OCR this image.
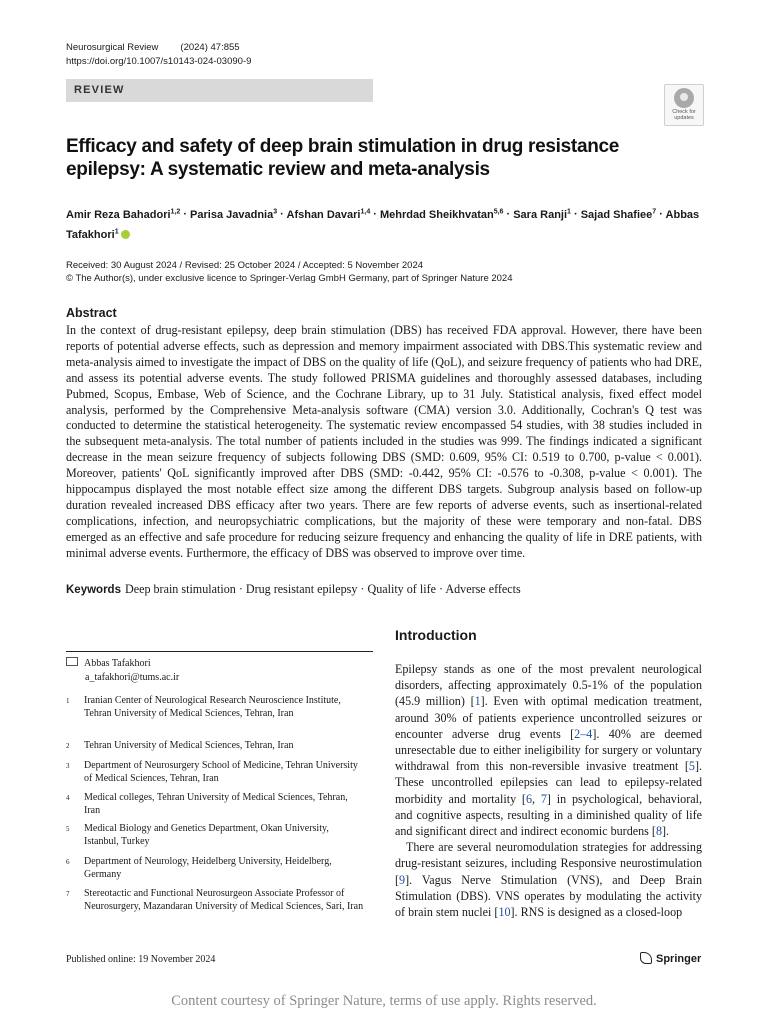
Neurosurgical Review (2024) 47:855
https://doi.org/10.1007/s10143-024-03090-9
REVIEW
Check for updates
Efficacy and safety of deep brain stimulation in drug resistance epilepsy: A systematic review and meta-analysis
Amir Reza Bahadori$^{1,2}$ · Parisa Javadnia$^3$ · Afshan Davari$^{1,4}$ · Mehrdad Sheikhvatan$^{5,6}$ · Sara Ranji$^1$ · Sajad Shafiee$^7$ · Abbas Tafakhori$^1$
Received: 30 August 2024 / Revised: 25 October 2024 / Accepted: 5 November 2024
© The Author(s), under exclusive licence to Springer-Verlag GmbH Germany, part of Springer Nature 2024
Abstract
In the context of drug-resistant epilepsy, deep brain stimulation (DBS) has received FDA approval. However, there have been reports of potential adverse effects, such as depression and memory impairment associated with DBS.This systematic review and meta-analysis aimed to investigate the impact of DBS on the quality of life (QoL), and seizure frequency of patients who had DRE, and assess its potential adverse events. The study followed PRISMA guidelines and thoroughly assessed databases, including Pubmed, Scopus, Embase, Web of Science, and the Cochrane Library, up to 31 July. Statistical analysis, fixed effect model analysis, performed by the Comprehensive Meta-analysis software (CMA) version 3.0. Additionally, Cochran's Q test was conducted to determine the statistical heterogeneity. The systematic review encompassed 54 studies, with 38 studies included in the subsequent meta-analysis. The total number of patients included in the studies was 999. The findings indicated a significant decrease in the mean seizure frequency of subjects following DBS (SMD: 0.609, 95% CI: 0.519 to 0.700, p-value < 0.001). Moreover, patients' QoL significantly improved after DBS (SMD: -0.442, 95% CI: -0.576 to -0.308, p-value < 0.001). The hippocampus displayed the most notable effect size among the different DBS targets. Subgroup analysis based on follow-up duration revealed increased DBS efficacy after two years. There are few reports of adverse events, such as insertional-related complications, infection, and neuropsychiatric complications, but the majority of these were temporary and non-fatal. DBS emerged as an effective and safe procedure for reducing seizure frequency and enhancing the quality of life in DRE patients, with minimal adverse events. Furthermore, the efficacy of DBS was observed to improve over time.
Keywords Deep brain stimulation · Drug resistant epilepsy · Quality of life · Adverse effects
Abbas Tafakhori
a_tafakhori@tums.ac.ir
1	Iranian Center of Neurological Research Neuroscience Institute, Tehran University of Medical Sciences, Tehran, Iran
2	Tehran University of Medical Sciences, Tehran, Iran
3	Department of Neurosurgery School of Medicine, Tehran University of Medical Sciences, Tehran, Iran
4	Medical colleges, Tehran University of Medical Sciences, Tehran, Iran
5	Medical Biology and Genetics Department, Okan University, Istanbul, Turkey
6	Department of Neurology, Heidelberg University, Heidelberg, Germany
7	Stereotactic and Functional Neurosurgeon Associate Professor of Neurosurgery, Mazandaran University of Medical Sciences, Sari, Iran
Introduction

Epilepsy stands as one of the most prevalent neurological disorders, affecting approximately 0.5-1% of the population (45.9 million) [1]. Even with optimal medication treatment, around 30% of patients experience uncontrolled seizures or encounter adverse drug events [2–4]. 40% are deemed unresectable due to either ineligibility for surgery or voluntary withdrawal from this non-reversible invasive treatment [5]. These uncontrolled epilepsies can lead to epilepsy-related morbidity and mortality [6, 7] in psychological, behavioral, and cognitive aspects, resulting in a diminished quality of life and significant direct and indirect economic burdens [8].

There are several neuromodulation strategies for addressing drug-resistant seizures, including Responsive neurostimulation [9]. Vagus Nerve Stimulation (VNS), and Deep Brain Stimulation (DBS). VNS operates by modulating the activity of brain stem nuclei [10]. RNS is designed as a closed-loop

Published online: 19 November 2024	Springer
Content courtesy of Springer Nature, terms of use apply. Rights reserved.
